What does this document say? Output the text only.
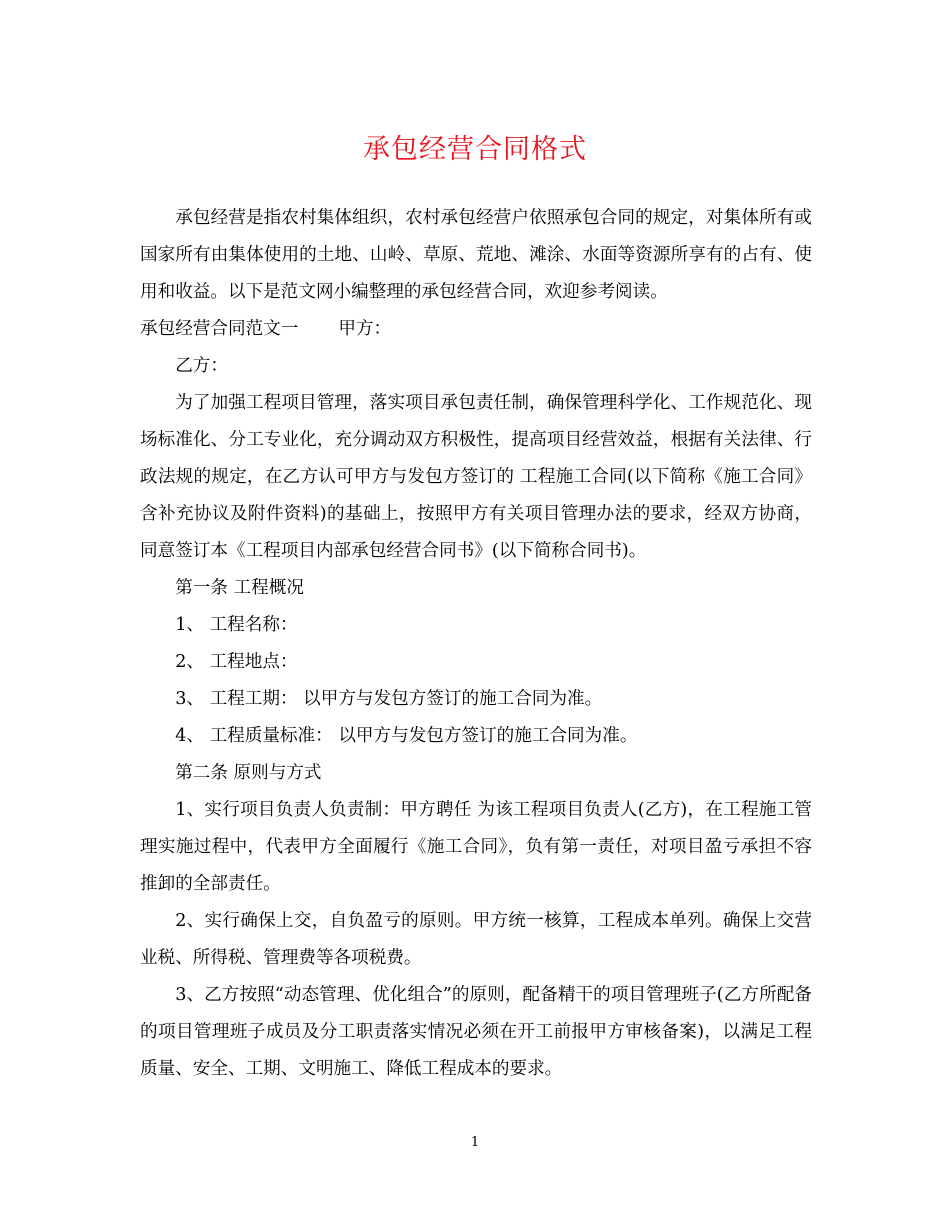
承包经营合同格式

承包经营是指农村集体组织，农村承包经营户依照承包合同的规定，对集体所有或国家所有由集体使用的土地、山岭、草原、荒地、滩涂、水面等资源所享有的占有、使用和收益。以下是范文网小编整理的承包经营合同，欢迎参考阅读。

承包经营合同范文一 甲方：

乙方：

为了加强工程项目管理，落实项目承包责任制，确保管理科学化、工作规范化、现场标准化、分工专业化，充分调动双方积极性，提高项目经营效益，根据有关法律、行政法规的规定，在乙方认可甲方与发包方签订的 工程施工合同(以下简称《施工合同》含补充协议及附件资料)的基础上，按照甲方有关项目管理办法的要求，经双方协商，同意签订本《工程项目内部承包经营合同书》(以下简称合同书)。

第一条 工程概况

1、 工程名称：

2、 工程地点：

3、 工程工期： 以甲方与发包方签订的施工合同为准。

4、 工程质量标准： 以甲方与发包方签订的施工合同为准。

第二条 原则与方式

1、实行项目负责人负责制：甲方聘任 为该工程项目负责人(乙方)，在工程施工管理实施过程中，代表甲方全面履行《施工合同》，负有第一责任，对项目盈亏承担不容推卸的全部责任。

2、实行确保上交，自负盈亏的原则。甲方统一核算，工程成本单列。确保上交营业税、所得税、管理费等各项税费。

3、乙方按照“动态管理、优化组合”的原则，配备精干的项目管理班子(乙方所配备的项目管理班子成员及分工职责落实情况必须在开工前报甲方审核备案)，以满足工程质量、安全、工期、文明施工、降低工程成本的要求。

1
